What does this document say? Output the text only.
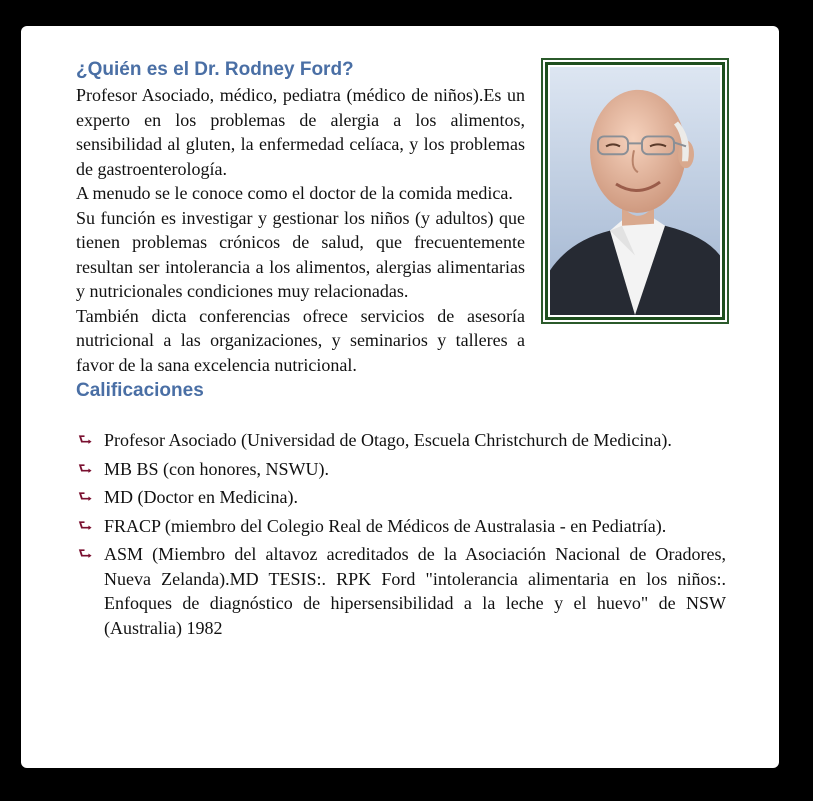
¿Quién es el Dr. Rodney Ford?

Profesor Asociado, médico, pediatra (médico de niños).Es un experto en los problemas de alergia a los alimentos, sensibilidad al gluten, la enfermedad celíaca, y los problemas de gastroenterología.

A menudo se le conoce como el doctor de la comida medica.

Su función es investigar y gestionar los niños (y adultos) que tienen problemas crónicos de salud, que frecuentemente resultan ser intolerancia a los alimentos, alergias alimentarias y nutricionales condiciones muy relacionadas.

También dicta conferencias ofrece servicios de asesoría nutricional a las organizaciones, y seminarios y talleres a favor de la sana excelencia nutricional.

Calificaciones
⮑ Profesor Asociado (Universidad de Otago, Escuela Christchurch de Medicina).
⮑ MB BS (con honores, NSWU).
⮑ MD (Doctor en Medicina).
⮑ FRACP (miembro del Colegio Real de Médicos de Australasia - en Pediatría).
⮑ ASM (Miembro del altavoz acreditados de la Asociación Nacional de Oradores, Nueva Zelanda).MD TESIS:. RPK Ford "intolerancia alimentaria en los niños:. Enfoques de diagnóstico de hipersensibilidad a la leche y el huevo" de NSW (Australia) 1982
